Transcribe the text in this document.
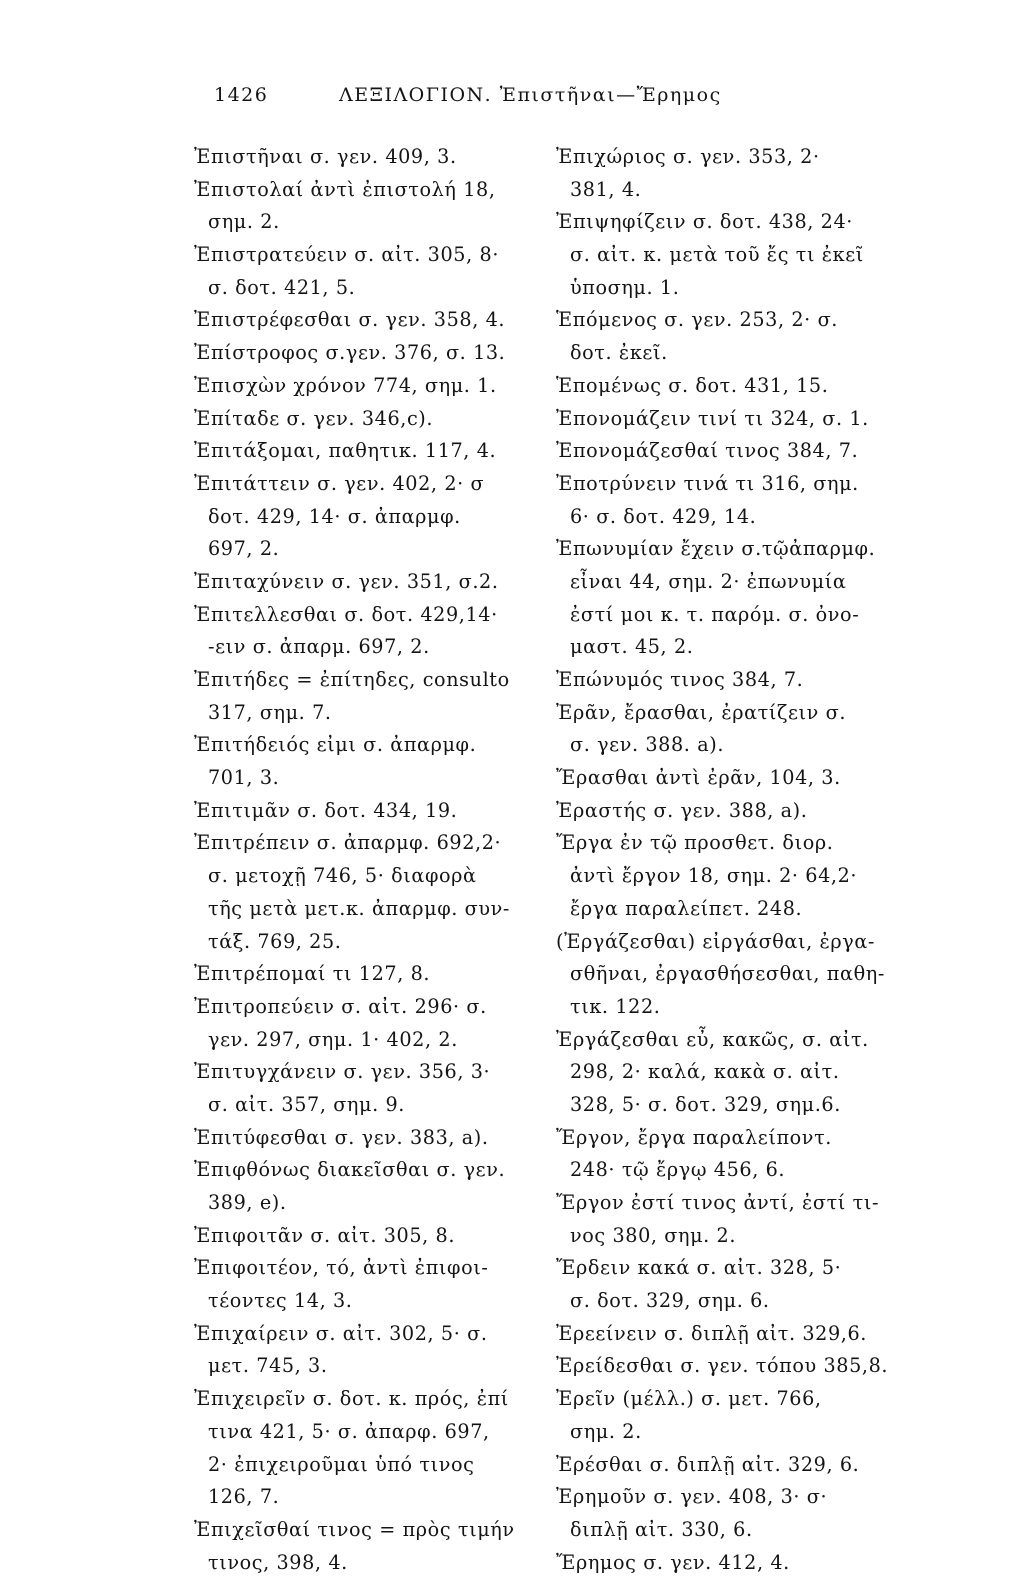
1426	ΛΕΞΙΛΟΓΙΟΝ. Ἐπιστῆναι—Ἔρημος
Ἐπιστῆναι σ. γεν. 409, 3.
Ἐπιστολαί ἀντὶ ἐπιστολή 18,
σημ. 2.
Ἐπιστρατεύειν σ. αἰτ. 305, 8·
σ. δοτ. 421, 5.
Ἐπιστρέφεσθαι σ. γεν. 358, 4.
Ἐπίστροφος σ.γεν. 376, σ. 13.
Ἐπισχὼν χρόνον 774, σημ. 1.
Ἐπίταδε σ. γεν. 346,c).
Ἐπιτάξομαι, παθητικ. 117, 4.
Ἐπιτάττειν σ. γεν. 402, 2· σ
δοτ. 429, 14· σ. ἀπαρμφ.
697, 2.
Ἐπιταχύνειν σ. γεν. 351, σ.2.
Ἐπιτελλεσθαι σ. δοτ. 429,14·
-ειν σ. ἀπαρμ. 697, 2.
Ἐπιτήδες = ἐπίτηδες, consulto
317, σημ. 7.
Ἐπιτήδειός εἰμι σ. ἀπαρμφ.
701, 3.
Ἐπιτιμᾶν σ. δοτ. 434, 19.
Ἐπιτρέπειν σ. ἀπαρμφ. 692,2·
σ. μετοχῇ 746, 5· διαφορὰ
τῆς μετὰ μετ.κ. ἀπαρμφ. συν-
τάξ. 769, 25.
Ἐπιτρέπομαί τι 127, 8.
Ἐπιτροπεύειν σ. αἰτ. 296· σ.
γεν. 297, σημ. 1· 402, 2.
Ἐπιτυγχάνειν σ. γεν. 356, 3·
σ. αἰτ. 357, σημ. 9.
Ἐπιτύφεσθαι σ. γεν. 383, a).
Ἐπιφθόνως διακεῖσθαι σ. γεν.
389, e).
Ἐπιφοιτᾶν σ. αἰτ. 305, 8.
Ἐπιφοιτέον, τό, ἀντὶ ἐπιφοι-
τέοντες 14, 3.
Ἐπιχαίρειν σ. αἰτ. 302, 5· σ.
μετ. 745, 3.
Ἐπιχειρεῖν σ. δοτ. κ. πρός, ἐπί
τινα 421, 5· σ. ἀπαρφ. 697,
2· ἐπιχειροῦμαι ὑπό τινος
126, 7.
Ἐπιχεῖσθαί τινος = πρὸς τιμήν
τινος, 398, 4.
Ἐπιχώριος σ. γεν. 353, 2·
381, 4.
Ἐπιψηφίζειν σ. δοτ. 438, 24·
σ. αἰτ. κ. μετὰ τοῦ ἔς τι ἐκεῖ
ὑποσημ. 1.
Ἑπόμενος σ. γεν. 253, 2· σ.
δοτ. ἐκεῖ.
Ἑπομένως σ. δοτ. 431, 15.
Ἐπονομάζειν τινί τι 324, σ. 1.
Ἐπονομάζεσθαί τινος 384, 7.
Ἐποτρύνειν τινά τι 316, σημ.
6· σ. δοτ. 429, 14.
Ἐπωνυμίαν ἔχειν σ.τῷἀπαρμφ.
εἶναι 44, σημ. 2· ἐπωνυμία
ἐστί μοι κ. τ. παρόμ. σ. ὀνο-
μαστ. 45, 2.
Ἐπώνυμός τινος 384, 7.
Ἐρᾶν, ἔρασθαι, ἐρατίζειν σ.
σ. γεν. 388. a).
Ἔρασθαι ἀντὶ ἐρᾶν, 104, 3.
Ἐραστής σ. γεν. 388, a).
Ἔργα ἐν τῷ προσθετ. διορ.
ἀντὶ ἔργον 18, σημ. 2· 64,2·
ἔργα παραλείπετ. 248.
(Ἐργάζεσθαι) εἰργάσθαι, ἐργα-
σθῆναι, ἐργασθήσεσθαι, παθη-
τικ. 122.
Ἐργάζεσθαι εὖ, κακῶς, σ. αἰτ.
298, 2· καλά, κακὰ σ. αἰτ.
328, 5· σ. δοτ. 329, σημ.6.
Ἔργον, ἔργα παραλείποντ.
248· τῷ ἔργῳ 456, 6.
Ἔργον ἐστί τινος ἀντί, ἐστί τι-
νος 380, σημ. 2.
Ἔρδειν κακά σ. αἰτ. 328, 5·
σ. δοτ. 329, σημ. 6.
Ἐρεείνειν σ. διπλῇ αἰτ. 329,6.
Ἐρείδεσθαι σ. γεν. τόπου 385,8.
Ἐρεῖν (μέλλ.) σ. μετ. 766,
σημ. 2.
Ἐρέσθαι σ. διπλῇ αἰτ. 329, 6.
Ἐρημοῦν σ. γεν. 408, 3· σ·
διπλῇ αἰτ. 330, 6.
Ἔρημος σ. γεν. 412, 4.
